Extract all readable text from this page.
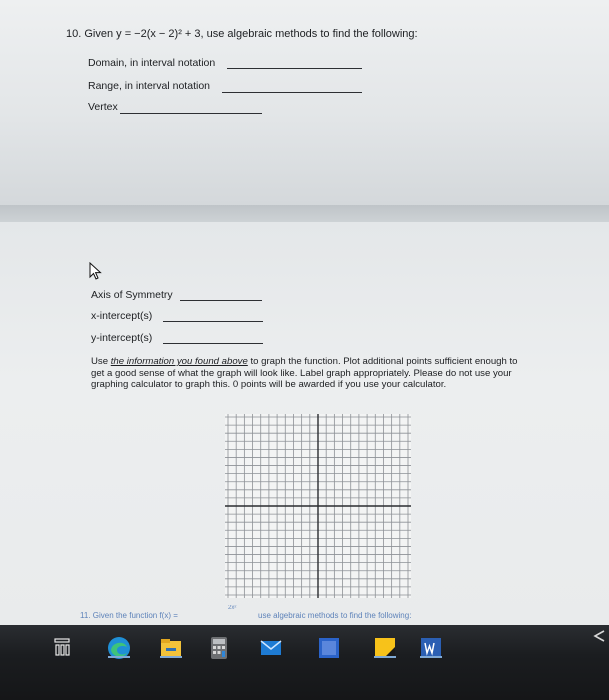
10. Given y = −2(x − 2)² + 3, use algebraic methods to find the following:
Domain, in interval notation
Range, in interval notation
Vertex
Axis of Symmetry
x-intercept(s)
y-intercept(s)
Use the information you found above to graph the function. Plot additional points sufficient enough to get a good sense of what the graph will look like. Label graph appropriately. Please do not use your graphing calculator to graph this. 0 points will be awarded if you use your calculator.
11. Given the function f(x) =
2x²
use algebraic methods to find the following:
